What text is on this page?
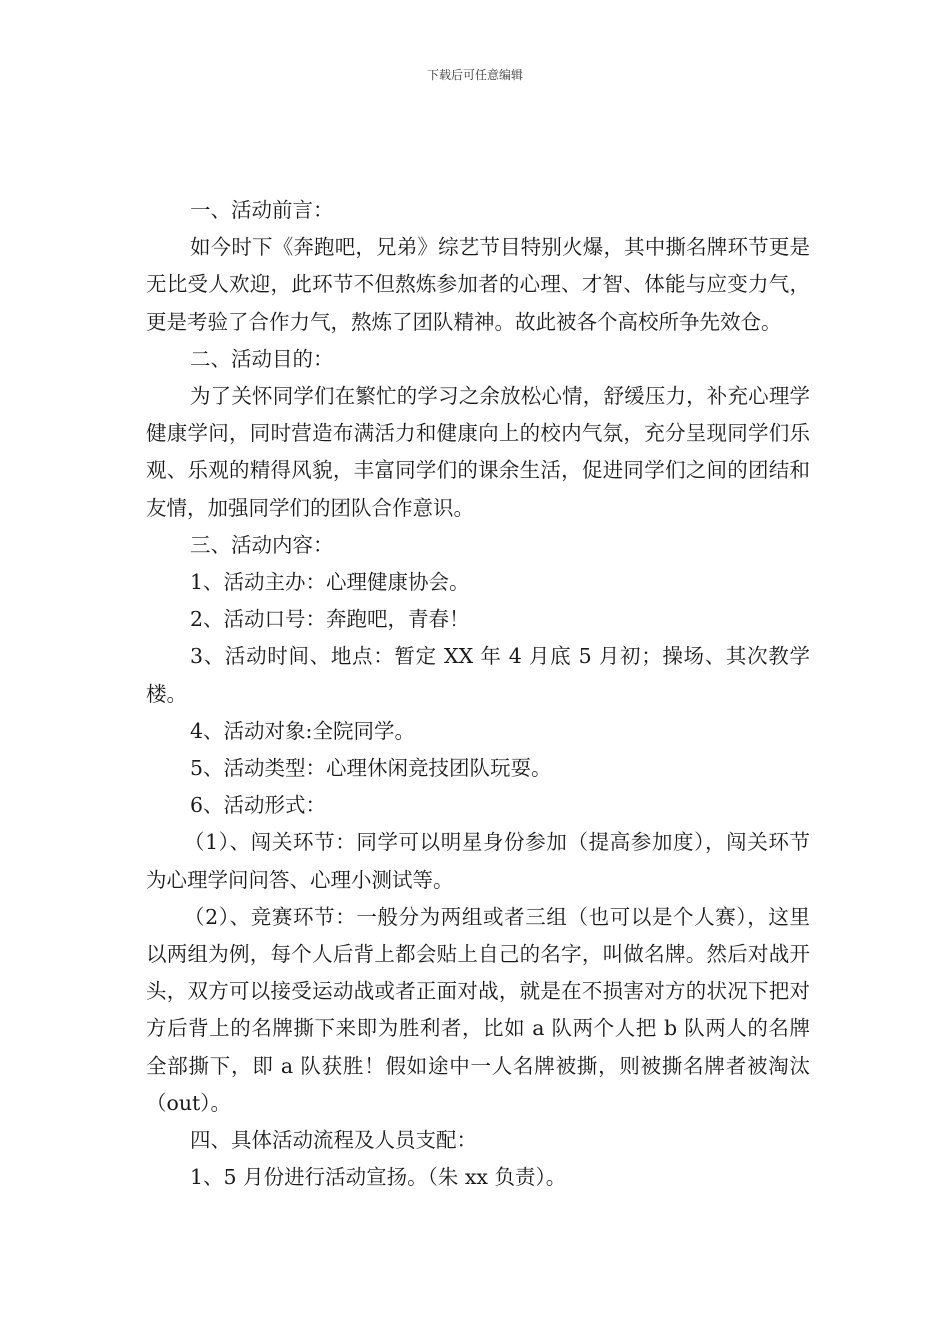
下载后可任意编辑

一、活动前言：

如今时下《奔跑吧，兄弟》综艺节目特别火爆，其中撕名牌环节更是无比受人欢迎，此环节不但熬炼参加者的心理、才智、体能与应变力气，更是考验了合作力气，熬炼了团队精神。故此被各个高校所争先效仓。

二、活动目的：

为了关怀同学们在繁忙的学习之余放松心情，舒缓压力，补充心理学健康学问，同时营造布满活力和健康向上的校内气氛，充分呈现同学们乐观、乐观的精得风貌，丰富同学们的课余生活，促进同学们之间的团结和友情，加强同学们的团队合作意识。

三、活动内容：

1、活动主办：心理健康协会。

2、活动口号：奔跑吧，青春！

3、活动时间、地点：暂定 XX 年 4 月底 5 月初；操场、其次教学楼。

4、活动对象:全院同学。

5、活动类型：心理休闲竞技团队玩耍。

6、活动形式：

（1）、闯关环节：同学可以明星身份参加（提高参加度），闯关环节为心理学问问答、心理小测试等。

（2）、竞赛环节：一般分为两组或者三组（也可以是个人赛），这里以两组为例，每个人后背上都会贴上自己的名字，叫做名牌。然后对战开头，双方可以接受运动战或者正面对战，就是在不损害对方的状况下把对方后背上的名牌撕下来即为胜利者，比如 a 队两个人把 b 队两人的名牌全部撕下，即 a 队获胜！假如途中一人名牌被撕，则被撕名牌者被淘汰（out）。

四、具体活动流程及人员支配：

1、5 月份进行活动宣扬。（朱 xx 负责）。
